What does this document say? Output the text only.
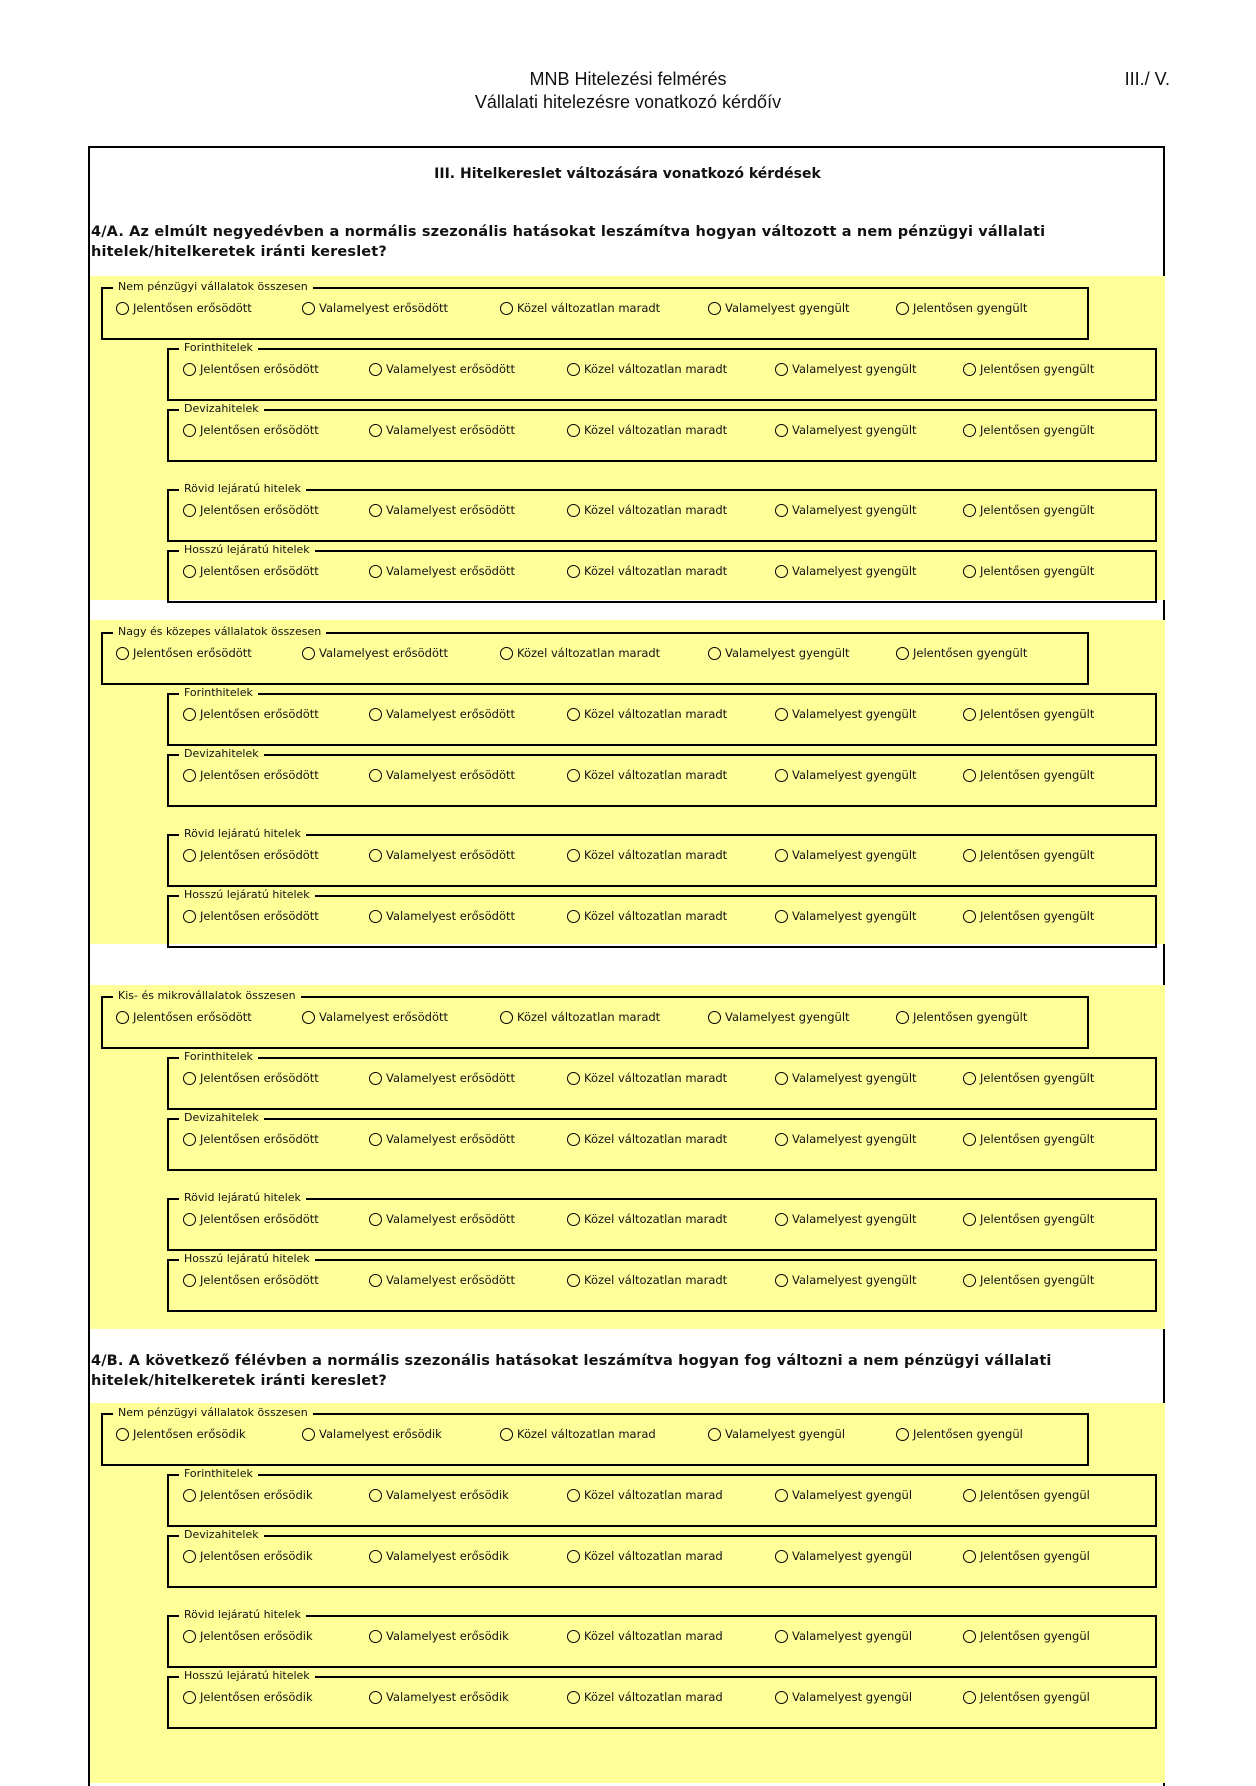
MNB Hitelezési felmérés
Vállalati hitelezésre vonatkozó kérdőív
III./ V.
III. Hitelkereslet változására vonatkozó kérdések
4/A. Az elmúlt negyedévben a normális szezonális hatásokat leszámítva hogyan változott a nem pénzügyi vállalati hitelek/hitelkeretek iránti kereslet?
Nem pénzügyi vállalatok összesen
Jelentősen erősödött	Valamelyest erősödött	Közel változatlan maradt	Valamelyest gyengült	Jelentősen gyengült
Forinthitelek
Jelentősen erősödött	Valamelyest erősödött	Közel változatlan maradt	Valamelyest gyengült	Jelentősen gyengült
Devizahitelek
Jelentősen erősödött	Valamelyest erősödött	Közel változatlan maradt	Valamelyest gyengült	Jelentősen gyengült
Rövid lejáratú hitelek
Jelentősen erősödött	Valamelyest erősödött	Közel változatlan maradt	Valamelyest gyengült	Jelentősen gyengült
Hosszú lejáratú hitelek
Jelentősen erősödött	Valamelyest erősödött	Közel változatlan maradt	Valamelyest gyengült	Jelentősen gyengült
Nagy és közepes vállalatok összesen
Jelentősen erősödött	Valamelyest erősödött	Közel változatlan maradt	Valamelyest gyengült	Jelentősen gyengült
Forinthitelek
Jelentősen erősödött	Valamelyest erősödött	Közel változatlan maradt	Valamelyest gyengült	Jelentősen gyengült
Devizahitelek
Jelentősen erősödött	Valamelyest erősödött	Közel változatlan maradt	Valamelyest gyengült	Jelentősen gyengült
Rövid lejáratú hitelek
Jelentősen erősödött	Valamelyest erősödött	Közel változatlan maradt	Valamelyest gyengült	Jelentősen gyengült
Hosszú lejáratú hitelek
Jelentősen erősödött	Valamelyest erősödött	Közel változatlan maradt	Valamelyest gyengült	Jelentősen gyengült
Kis- és mikrovállalatok összesen
Jelentősen erősödött	Valamelyest erősödött	Közel változatlan maradt	Valamelyest gyengült	Jelentősen gyengült
Forinthitelek
Jelentősen erősödött	Valamelyest erősödött	Közel változatlan maradt	Valamelyest gyengült	Jelentősen gyengült
Devizahitelek
Jelentősen erősödött	Valamelyest erősödött	Közel változatlan maradt	Valamelyest gyengült	Jelentősen gyengült
Rövid lejáratú hitelek
Jelentősen erősödött	Valamelyest erősödött	Közel változatlan maradt	Valamelyest gyengült	Jelentősen gyengült
Hosszú lejáratú hitelek
Jelentősen erősödött	Valamelyest erősödött	Közel változatlan maradt	Valamelyest gyengült	Jelentősen gyengült
4/B. A következő félévben a normális szezonális hatásokat leszámítva hogyan fog változni a nem pénzügyi vállalati hitelek/hitelkeretek iránti kereslet?
Nem pénzügyi vállalatok összesen
Jelentősen erősödik	Valamelyest erősödik	Közel változatlan marad	Valamelyest gyengül	Jelentősen gyengül
Forinthitelek
Jelentősen erősödik	Valamelyest erősödik	Közel változatlan marad	Valamelyest gyengül	Jelentősen gyengül
Devizahitelek
Jelentősen erősödik	Valamelyest erősödik	Közel változatlan marad	Valamelyest gyengül	Jelentősen gyengül
Rövid lejáratú hitelek
Jelentősen erősödik	Valamelyest erősödik	Közel változatlan marad	Valamelyest gyengül	Jelentősen gyengül
Hosszú lejáratú hitelek
Jelentősen erősödik	Valamelyest erősödik	Közel változatlan marad	Valamelyest gyengül	Jelentősen gyengül
